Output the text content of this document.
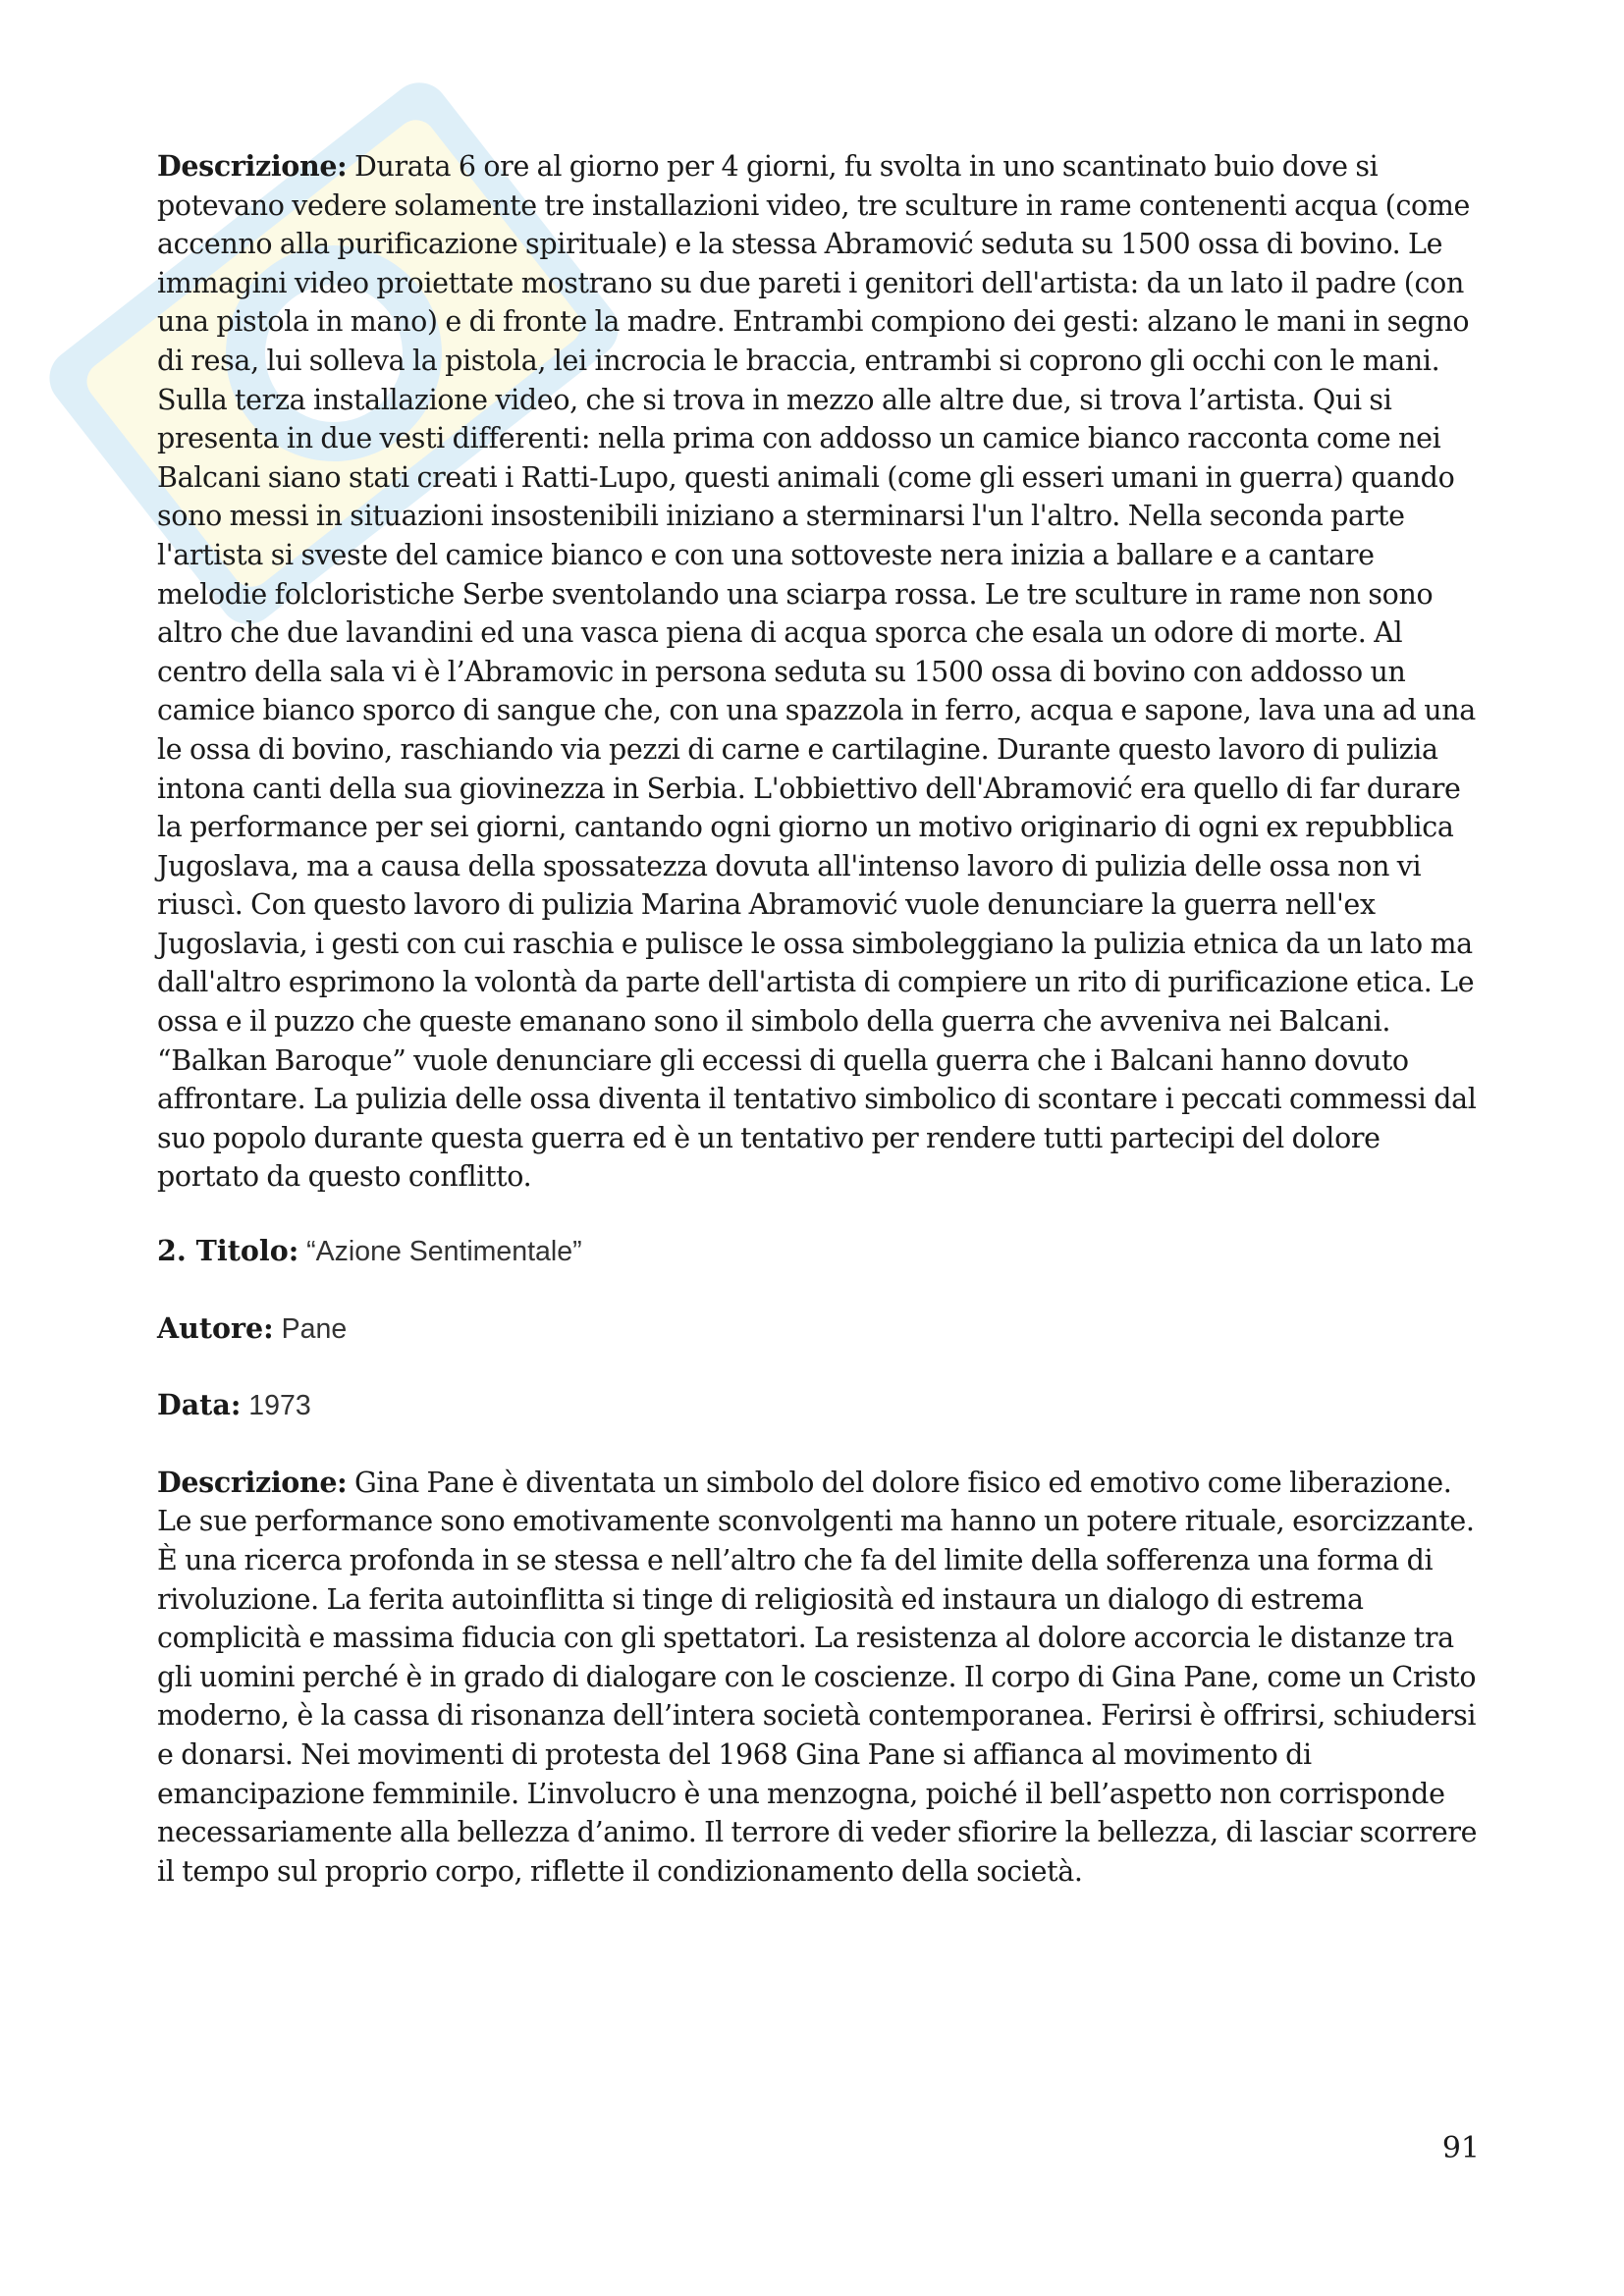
Descrizione: Durata 6 ore al giorno per 4 giorni, fu svolta in uno scantinato buio dove si potevano vedere solamente tre installazioni video, tre sculture in rame contenenti acqua (come accenno alla purificazione spirituale) e la stessa Abramović seduta su 1500 ossa di bovino. Le immagini video proiettate mostrano su due pareti i genitori dell'artista: da un lato il padre (con una pistola in mano) e di fronte la madre. Entrambi compiono dei gesti: alzano le mani in segno di resa, lui solleva la pistola, lei incrocia le braccia, entrambi si coprono gli occhi con le mani. Sulla terza installazione video, che si trova in mezzo alle altre due, si trova l’artista. Qui si presenta in due vesti differenti: nella prima con addosso un camice bianco racconta come nei Balcani siano stati creati i Ratti-Lupo, questi animali (come gli esseri umani in guerra) quando sono messi in situazioni insostenibili iniziano a sterminarsi l'un l'altro. Nella seconda parte l'artista si sveste del camice bianco e con una sottoveste nera inizia a ballare e a cantare melodie folcloristiche Serbe sventolando una sciarpa rossa. Le tre sculture in rame non sono altro che due lavandini ed una vasca piena di acqua sporca che esala un odore di morte. Al centro della sala vi è l’Abramovic in persona seduta su 1500 ossa di bovino con addosso un camice bianco sporco di sangue che, con una spazzola in ferro, acqua e sapone, lava una ad una le ossa di bovino, raschiando via pezzi di carne e cartilagine. Durante questo lavoro di pulizia intona canti della sua giovinezza in Serbia. L'obbiettivo dell'Abramović era quello di far durare la performance per sei giorni, cantando ogni giorno un motivo originario di ogni ex repubblica Jugoslava, ma a causa della spossatezza dovuta all'intenso lavoro di pulizia delle ossa non vi riuscì. Con questo lavoro di pulizia Marina Abramović vuole denunciare la guerra nell'ex Jugoslavia, i gesti con cui raschia e pulisce le ossa simboleggiano la pulizia etnica da un lato ma dall'altro esprimono la volontà da parte dell'artista di compiere un rito di purificazione etica. Le ossa e il puzzo che queste emanano sono il simbolo della guerra che avveniva nei Balcani. “Balkan Baroque” vuole denunciare gli eccessi di quella guerra che i Balcani hanno dovuto affrontare. La pulizia delle ossa diventa il tentativo simbolico di scontare i peccati commessi dal suo popolo durante questa guerra ed è un tentativo per rendere tutti partecipi del dolore portato da questo conflitto.

2. Titolo: “Azione Sentimentale”

Autore: Pane

Data: 1973

Descrizione: Gina Pane è diventata un simbolo del dolore fisico ed emotivo come liberazione. Le sue performance sono emotivamente sconvolgenti ma hanno un potere rituale, esorcizzante. È una ricerca profonda in se stessa e nell’altro che fa del limite della sofferenza una forma di rivoluzione. La ferita autoinflitta si tinge di religiosità ed instaura un dialogo di estrema complicità e massima fiducia con gli spettatori. La resistenza al dolore accorcia le distanze tra gli uomini perché è in grado di dialogare con le coscienze. Il corpo di Gina Pane, come un Cristo moderno, è la cassa di risonanza dell’intera società contemporanea. Ferirsi è offrirsi, schiudersi e donarsi. Nei movimenti di protesta del 1968 Gina Pane si affianca al movimento di emancipazione femminile. L’involucro è una menzogna, poiché il bell’aspetto non corrisponde necessariamente alla bellezza d’animo. Il terrore di veder sfiorire la bellezza, di lasciar scorrere il tempo sul proprio corpo, riflette il condizionamento della società.

91
